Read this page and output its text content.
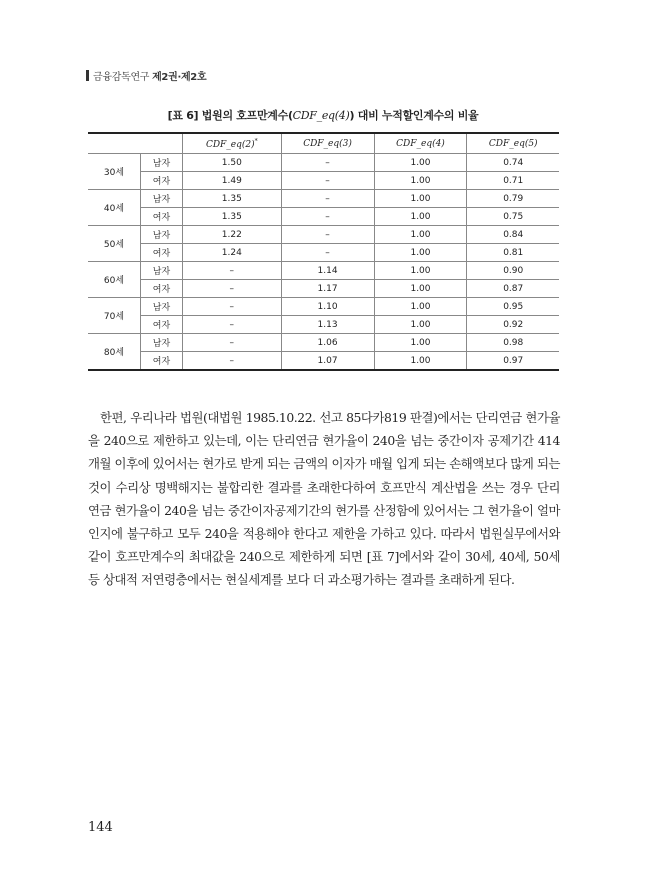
금융감독연구 제2권·제2호
[표 6] 법원의 호프만계수(CDF_eq(4)) 대비 누적할인계수의 비율
		CDF_eq(2)*	CDF_eq(3)	CDF_eq(4)	CDF_eq(5)
30세	남자	1.50	–	1.00	0.74
	여자	1.49	–	1.00	0.71
40세	남자	1.35	–	1.00	0.79
	여자	1.35	–	1.00	0.75
50세	남자	1.22	–	1.00	0.84
	여자	1.24	–	1.00	0.81
60세	남자	–	1.14	1.00	0.90
	여자	–	1.17	1.00	0.87
70세	남자	–	1.10	1.00	0.95
	여자	–	1.13	1.00	0.92
80세	남자	–	1.06	1.00	0.98
	여자	–	1.07	1.00	0.97

한편, 우리나라 법원(대법원 1985.10.22. 선고 85다카819 판결)에서는 단리연금 현가율을 240으로 제한하고 있는데, 이는 단리연금 현가율이 240을 넘는 중간이자 공제기간 414개월 이후에 있어서는 현가로 받게 되는 금액의 이자가 매월 입게 되는 손해액보다 많게 되는 것이 수리상 명백해지는 불합리한 결과를 초래한다하여 호프만식 계산법을 쓰는 경우 단리연금 현가율이 240을 넘는 중간이자공제기간의 현가를 산정함에 있어서는 그 현가율이 얼마인지에 불구하고 모두 240을 적용해야 한다고 제한을 가하고 있다. 따라서 법원실무에서와 같이 호프만계수의 최대값을 240으로 제한하게 되면 [표 7]에서와 같이 30세, 40세, 50세 등 상대적 저연령층에서는 현실세계를 보다 더 과소평가하는 결과를 초래하게 된다.

144
